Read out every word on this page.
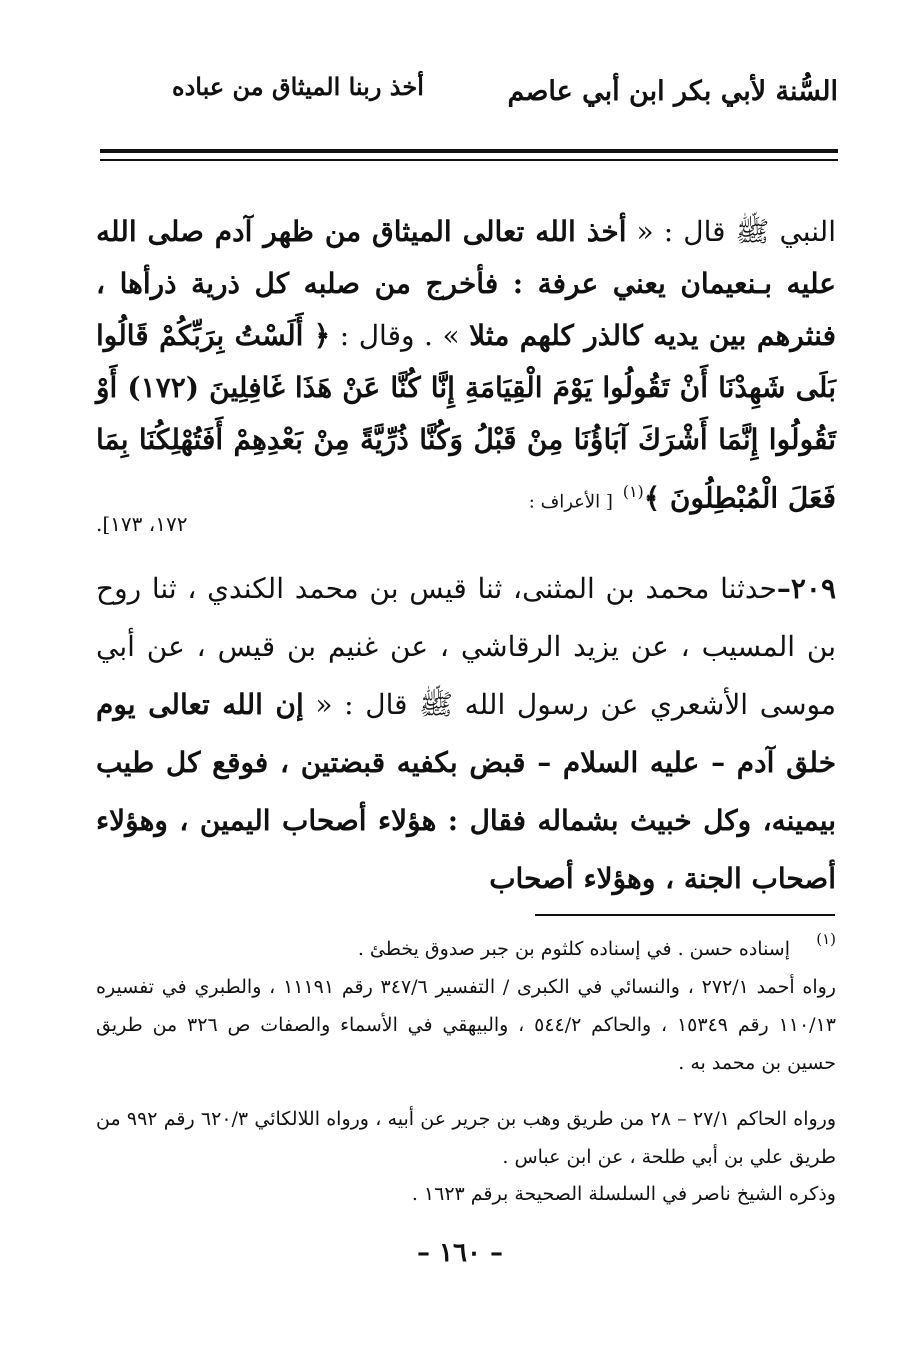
السُّنة لأبي بكر ابن أبي عاصم
أخذ ربنا الميثاق من عباده
النبي ﷺ قال : « أخذ الله تعالى الميثاق من ظهر آدم صلى الله عليه بـنعيمان يعني عرفة : فأخرج من صلبه كل ذرية ذرأها ، فنثرهم بين يديه كالذر كلهم مثلا » . وقال : ﴿ أَلَسْتُ بِرَبِّكُمْ قَالُوا بَلَى شَهِدْنَا أَنْ تَقُولُوا يَوْمَ الْقِيَامَةِ إِنَّا كُنَّا عَنْ هَذَا غَافِلِينَ (١٧٢) أَوْ تَقُولُوا إِنَّمَا أَشْرَكَ آبَاؤُنَا مِنْ قَبْلُ وَكُنَّا ذُرِّيَّةً مِنْ بَعْدِهِمْ أَفَتُهْلِكُنَا بِمَا فَعَلَ الْمُبْطِلُونَ ﴾$^{(١)}$ [ الأعراف :
١٧٢، ١٧٣].
٢٠٩–حدثنا محمد بن المثنى، ثنا قيس بن محمد الكندي ، ثنا روح بن المسيب ، عن يزيد الرقاشي ، عن غنيم بن قيس ، عن أبي موسى الأشعري عن رسول الله ﷺ قال : « إن الله تعالى يوم خلق آدم – عليه السلام – قبض بكفيه قبضتين ، فوقع كل طيب بيمينه، وكل خبيث بشماله فقال : هؤلاء أصحاب اليمين ، وهؤلاء أصحاب الجنة ، وهؤلاء أصحاب
(١)
إسناده حسن . في إسناده كلثوم بن جبر صدوق يخطئ .
رواه أحمد ٢٧٢/١ ، والنسائي في الكبرى / التفسير ٣٤٧/٦ رقم ١١١٩١ ، والطبري في تفسيره ١١٠/١٣ رقم ١٥٣٤٩ ، والحاكم ٥٤٤/٢ ، والبيهقي في الأسماء والصفات ص ٣٢٦ من طريق حسين بن محمد به .
ورواه الحاكم ٢٧/١ – ٢٨ من طريق وهب بن جرير عن أبيه ، ورواه اللالكائي ٦٢٠/٣ رقم ٩٩٢ من طريق علي بن أبي طلحة ، عن ابن عباس .
وذكره الشيخ ناصر في السلسلة الصحيحة برقم ١٦٢٣ .
– ١٦٠ –
